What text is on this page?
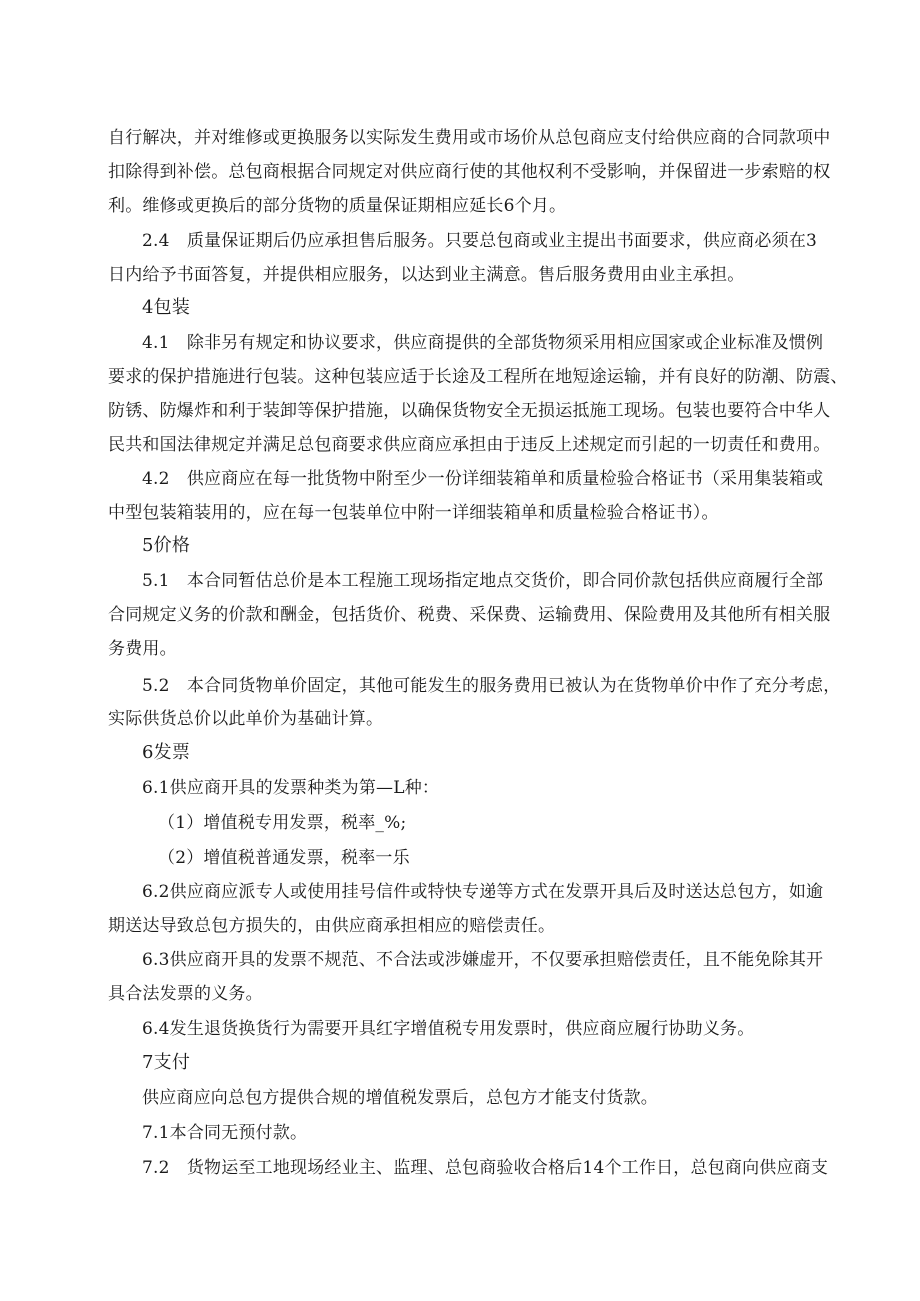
自行解决，并对维修或更换服务以实际发生费用或市场价从总包商应支付给供应商的合同款项中
扣除得到补偿。总包商根据合同规定对供应商行使的其他权利不受影响，并保留进一步索赔的权
利。维修或更换后的部分货物的质量保证期相应延长6个月。
2.4　质量保证期后仍应承担售后服务。只要总包商或业主提出书面要求，供应商必须在3
日内给予书面答复，并提供相应服务，以达到业主满意。售后服务费用由业主承担。
4包装
4.1　除非另有规定和协议要求，供应商提供的全部货物须采用相应国家或企业标准及惯例
要求的保护措施进行包装。这种包装应适于长途及工程所在地短途运输，并有良好的防潮、防震、
防锈、防爆炸和利于装卸等保护措施，以确保货物安全无损运抵施工现场。包装也要符合中华人
民共和国法律规定并满足总包商要求供应商应承担由于违反上述规定而引起的一切责任和费用。
4.2　供应商应在每一批货物中附至少一份详细装箱单和质量检验合格证书（采用集装箱或
中型包装箱装用的，应在每一包装单位中附一详细装箱单和质量检验合格证书）。
5价格
5.1　本合同暂估总价是本工程施工现场指定地点交货价，即合同价款包括供应商履行全部
合同规定义务的价款和酬金，包括货价、税费、采保费、运输费用、保险费用及其他所有相关服
务费用。
5.2　本合同货物单价固定，其他可能发生的服务费用已被认为在货物单价中作了充分考虑，
实际供货总价以此单价为基础计算。
6发票
6.1供应商开具的发票种类为第—L种：
（1）增值税专用发票，税率_%;
（2）增值税普通发票，税率一乐
6.2供应商应派专人或使用挂号信件或特快专递等方式在发票开具后及时送达总包方，如逾
期送达导致总包方损失的，由供应商承担相应的赔偿责任。
6.3供应商开具的发票不规范、不合法或涉嫌虚开，不仅要承担赔偿责任，且不能免除其开
具合法发票的义务。
6.4发生退货换货行为需要开具红字增值税专用发票时，供应商应履行协助义务。
7支付
供应商应向总包方提供合规的增值税发票后，总包方才能支付货款。
7.1本合同无预付款。
7.2　货物运至工地现场经业主、监理、总包商验收合格后14个工作日，总包商向供应商支
